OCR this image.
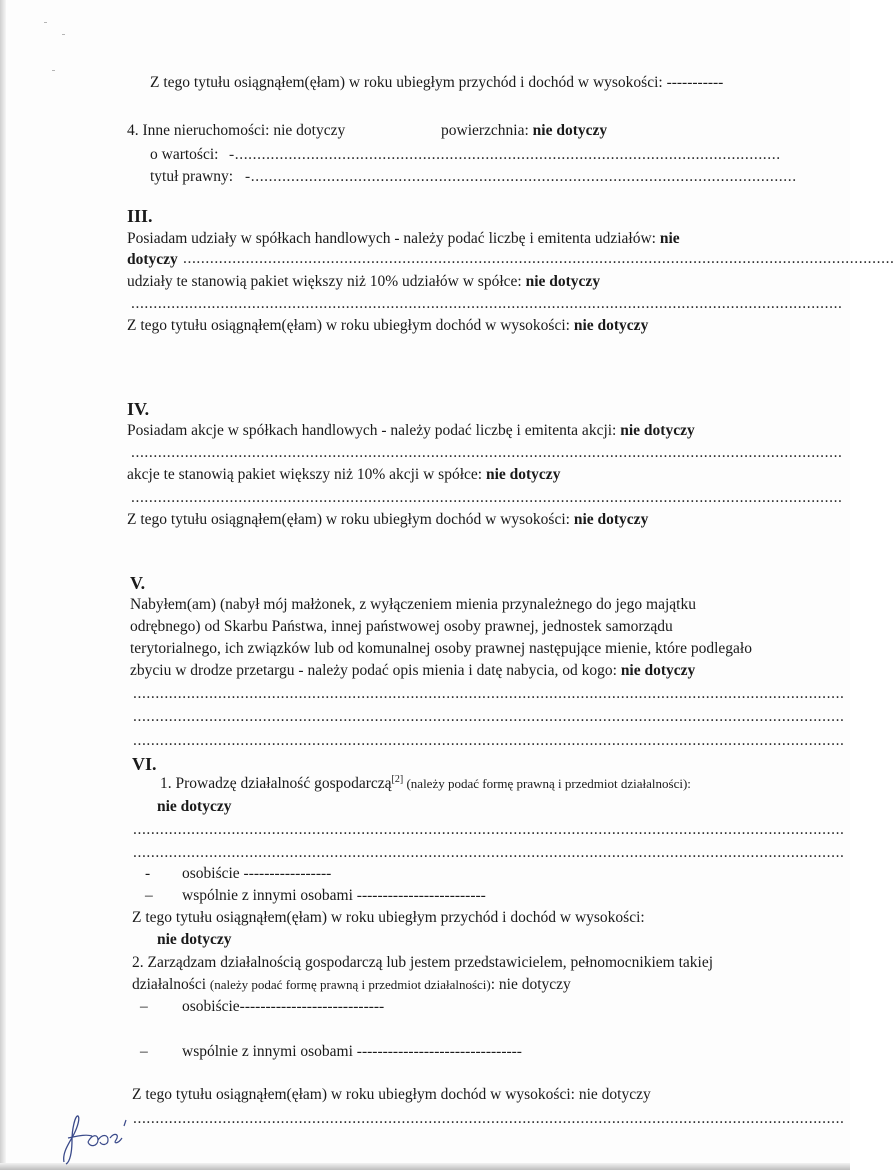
Z tego tytułu osiągnąłem(ęłam) w roku ubiegłym przychód i dochód w wysokości: -----------
4. Inne nieruchomości: nie dotyczy	powierzchnia: nie dotyczy
o wartości: -..........................................................................................................................
tytuł prawny: -..........................................................................................................................
III.
Posiadam udziały w spółkach handlowych - należy podać liczbę i emitenta udziałów: nie
dotyczy ...............................................................................................................................................................
udziały te stanowią pakiet większy niż 10% udziałów w spółce: nie dotyczy
...............................................................................................................................................................
Z tego tytułu osiągnąłem(ęłam) w roku ubiegłym dochód w wysokości: nie dotyczy
IV.
Posiadam akcje w spółkach handlowych - należy podać liczbę i emitenta akcji: nie dotyczy
...............................................................................................................................................................
akcje te stanowią pakiet większy niż 10% akcji w spółce: nie dotyczy
...............................................................................................................................................................
Z tego tytułu osiągnąłem(ęłam) w roku ubiegłym dochód w wysokości: nie dotyczy
V.
Nabyłem(am) (nabył mój małżonek, z wyłączeniem mienia przynależnego do jego majątku
odrębnego) od Skarbu Państwa, innej państwowej osoby prawnej, jednostek samorządu
terytorialnego, ich związków lub od komunalnej osoby prawnej następujące mienie, które podlegało
zbyciu w drodze przetargu - należy podać opis mienia i datę nabycia, od kogo: nie dotyczy
...............................................................................................................................................................
...............................................................................................................................................................
...............................................................................................................................................................
VI.
1. Prowadzę działalność gospodarczą[2] (należy podać formę prawną i przedmiot działalności):
nie dotyczy
...............................................................................................................................................................
...............................................................................................................................................................
- osobiście -----------------
– wspólnie z innymi osobami -------------------------
Z tego tytułu osiągnąłem(ęłam) w roku ubiegłym przychód i dochód w wysokości:
nie dotyczy
2. Zarządzam działalnością gospodarczą lub jestem przedstawicielem, pełnomocnikiem takiej
działalności (należy podać formę prawną i przedmiot działalności): nie dotyczy
– osobiście----------------------------
– wspólnie z innymi osobami --------------------------------
Z tego tytułu osiągnąłem(ęłam) w roku ubiegłym dochód w wysokości: nie dotyczy
...............................................................................................................................................................
